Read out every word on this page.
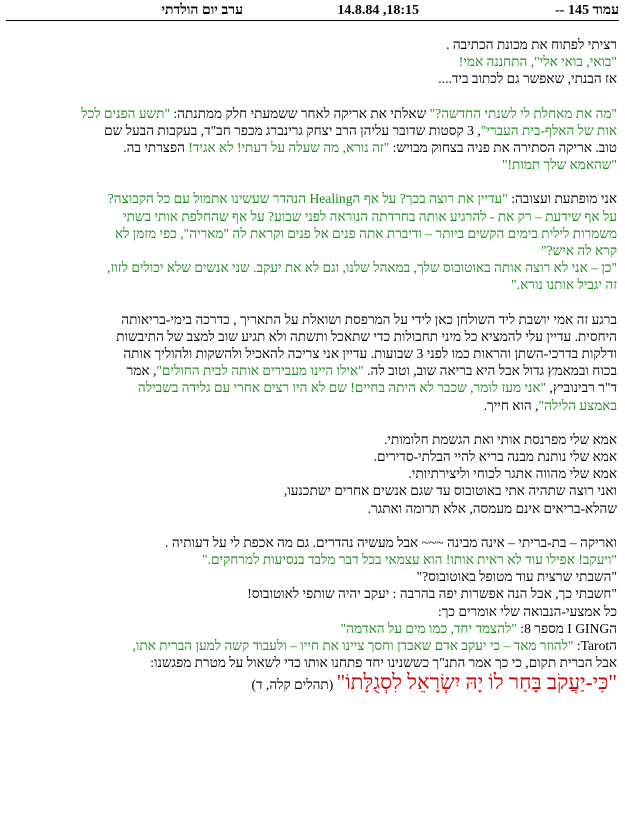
עמוד 145 --
18:15, 14.8.84
ערב יום הולדתי

רציתי לפתוח את מכונת הכתיבה .

"בואי, בואי אלי", התחננה אמי!

אז הבנתי, שאפשר גם לכתוב ביד....

"מה את מאחלת לי לשנתי החדשה?" שאלתי את אריקה לאחר ששמעתי חלק ממתנתה: "תשע הפנים לכל

אות של האלף-בית העברי", 3 קסטות שדובר עליהן הרב יצחק גרינברג מכפר חב"ד, בעקבות הבעל שם

טוב. אריקה הסתירה את פניה בצחוק מבויש: "זה נורא, מה שעלה על דעתי! לא אגיד! הפצרתי בה.

"שהאמא שלך תמות!"

אני מופתעת ועצובה: "עדיין את רוצה בכך? על אף הHealing הנהדר שעשינו אתמול עם כל הקבוצה?

על אף שידעת – רק את - להרגיע אותה בחרדתה הנוראה לפני שבוע? על אף שהחלפת אותי בשתי

משמרות לילית בימים הקשים ביותר – ודיברת אתה פנים אל פנים וקראת לה "מאריה", כפי מזמן לא

קרא לה איש?"

"כן – אני לא רוצה אותה באוטובוס שלך, במאהל שלנו, וגם לא את יעקב. שני אנשים שלא יכולים לזוז,

זה יגביל אותנו נורא."

ברגע זה אמי יושבת ליד השולחן כאן לידי על המרפסת ושואלת על התאריך , כדרכה בימי-בריאותה

היחסית. עדיין עלי להמציא כל מיני תחבולות כדי שתאכל ותשתה ולא תגיע שוב למצב של התיבשות

ודלקות בדרכי-השתן והראות כמו לפני 3 שבועות. עדיין אני צריכה להאכיל ולהשקות ולהוליך אותה

בכוח ובמאמץ גדול אבל היא בריאה שוב, וטוב לה. "אילו היינו מעבירים אותה לבית החולים", אמר

ד"ר רבינוביץ, "אני מעז לומר, שכבר לא היתה בחיים! שם לא היו רצים אחרי עם גלידה בשבילה

באמצע הלילה", הוא חייך.

אמא שלי מפרנסת אותי ואת הגשמת חלומותי.

אמא שלי נותנת מבנה בריא להיי הבלתי-סדירים.

אמא שלי מהווה אתגר לכוחי וליצירתיותי.

ואני רוצה שתהיה אתי באוטובוס עד שגם אנשים אחרים ישתכנעו,

שהלא-בריאים אינם מעמסה, אלא תרומה ואתגר.

ואריקה – בת-בריתי – אינה מבינה ~~~ אבל מעשיה נהדרים. גם מה אכפת לי על דעותיה .

"ויעקב! אפילו עוד לא ראית אותו! הוא עצמאי בכל דבר מלבד בנסיעות למרחקים."

"השבתי שרצית עוד מטופל באוטובוס?"

"חשבתי כך, אבל הנה אפשרות יפה בהרבה : יעקב יהיה שותפי לאוטובוס!

כל אמצעי-הנבואה שלי אומרים כך:

הI GING מספר 8: "להצמד יחד, כמו מים על האדמה"

הTarot: "להוזר מאד – כי יעקב אדם שאבדן וחסך ציינו את חייו – ולעבוד קשה למען הברית אתו,

אבל הברית תקום, כי כך אמר התנ"ך כששנינו יחד פתחנו אותו כדי לשאול על מטרת מפגשנו:

"כִּי-יַעֲקֹב בָּחַר לוֹ יָהּ יִשְׂרָאֵל לִסְגֻלָּתוֹ" (תהלים קלה, ד)
